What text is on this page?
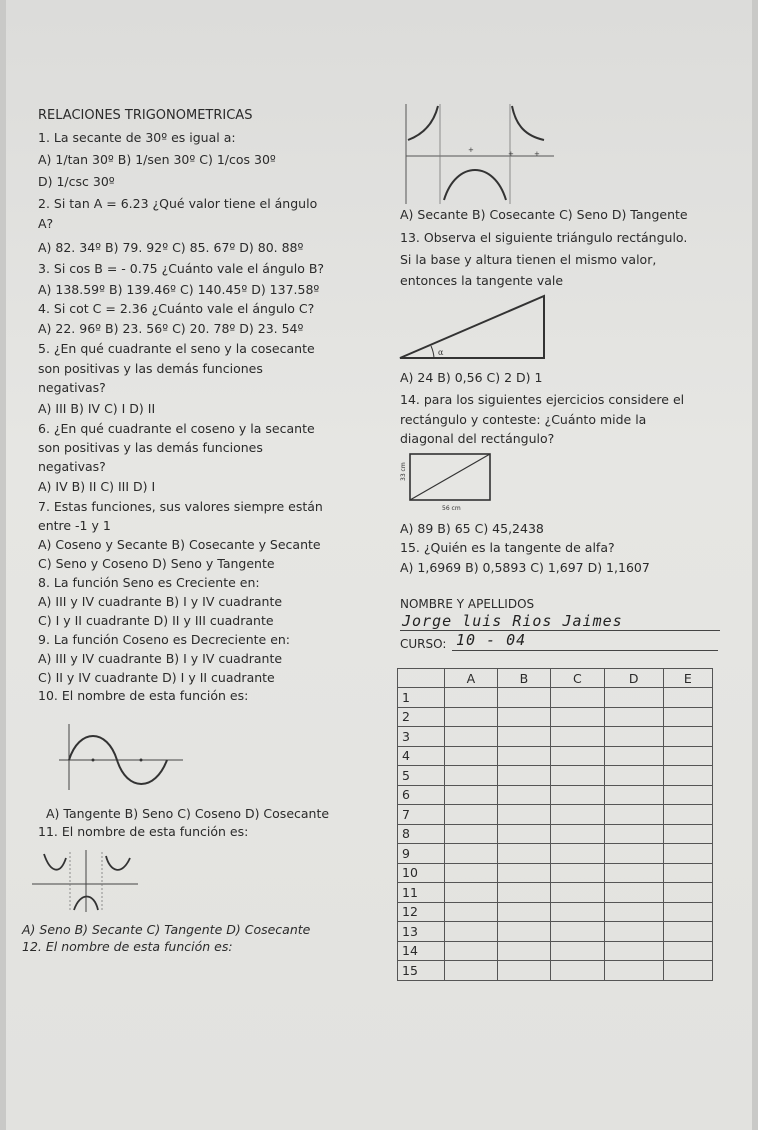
RELACIONES TRIGONOMETRICAS
1. La secante de 30º es igual a:
A) 1/tan 30º B) 1/sen 30º C) 1/cos 30º
D) 1/csc 30º
2. Si tan A = 6.23 ¿Qué valor tiene el ángulo
A?
A) 82. 34º B) 79. 92º C) 85. 67º D) 80. 88º
3. Si cos B = - 0.75 ¿Cuánto vale el ángulo B?
A) 138.59º B) 139.46º C) 140.45º D) 137.58º
4. Si cot C = 2.36 ¿Cuánto vale el ángulo C?
A) 22. 96º B) 23. 56º C) 20. 78º D) 23. 54º
5. ¿En qué cuadrante el seno y la cosecante
son positivas y las demás funciones
negativas?
A) III B) IV C) I D) II
6. ¿En qué cuadrante el coseno y la secante
son positivas y las demás funciones
negativas?
A) IV B) II C) III D) I
7. Estas funciones, sus valores siempre están
entre -1 y 1
A) Coseno y Secante B) Cosecante y Secante
C) Seno y Coseno D) Seno y Tangente
8. La función Seno es Creciente en:
A) III y IV cuadrante B) I y IV cuadrante
C) I y II cuadrante D) II y III cuadrante
9. La función Coseno es Decreciente en:
A) III y IV cuadrante B) I y IV cuadrante
C) II y IV cuadrante D) I y II cuadrante
10. El nombre de esta función es:
A) Tangente B) Seno C) Coseno D) Cosecante
11. El nombre de esta función es:
A) Seno B) Secante C) Tangente D) Cosecante
12. El nombre de esta función es:
+
+	+
A) Secante B) Cosecante C) Seno D) Tangente
13. Observa el siguiente triángulo rectángulo.
Si la base y altura tienen el mismo valor,
entonces la tangente vale
α
A) 24 B) 0,56 C) 2 D) 1
14. para los siguientes ejercicios considere el
rectángulo y conteste: ¿Cuánto mide la
diagonal del rectángulo?
33 cm
56 cm
A) 89 B) 65 C) 45,2438
15. ¿Quién es la tangente de alfa?
A) 1,6969 B) 0,5893 C) 1,697 D) 1,1607
NOMBRE Y APELLIDOS
Jorge luis Rios Jaimes
CURSO: 10 - 04
	A	B	C	D	E
1					
2					
3					
4					
5					
6					
7					
8					
9					
10					
11					
12					
13					
14					
15					
